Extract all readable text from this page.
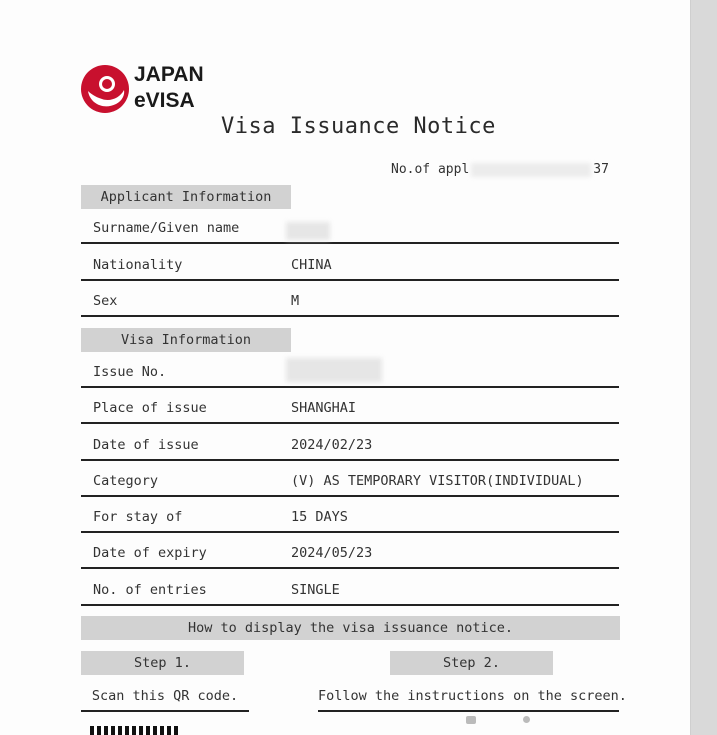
JAPAN
eVISA
Visa Issuance Notice
No.of appl	37
Applicant Information
Surname/Given name
Nationality	CHINA
Sex	M
Visa Information
Issue No.
Place of issue	SHANGHAI
Date of issue	2024/02/23
Category	(V) AS TEMPORARY VISITOR(INDIVIDUAL)
For stay of	15 DAYS
Date of expiry	2024/05/23
No. of entries	SINGLE
How to display the visa issuance notice.
Step 1.	Step 2.
Scan this QR code.	Follow the instructions on the screen.
